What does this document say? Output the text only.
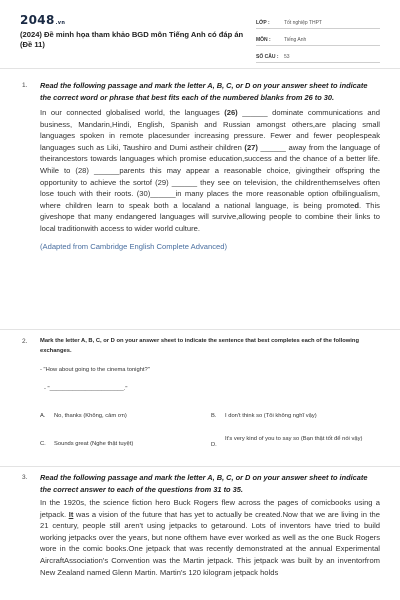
2048.vn
(2024) Đề minh họa tham khảo BGD môn Tiếng Anh có đáp án (Đề 11)
LỚP :	Tốt nghiệp THPT
MÔN :	Tiếng Anh
SỐ CÂU :	53
1. Read the following passage and mark the letter A, B, C, or D on your answer sheet to indicate the correct word or phrase that best fits each of the numbered blanks from 26 to 30.
In our connected globalised world, the languages (26) ______ dominate communications and business, Mandarin,Hindi, English, Spanish and Russian amongst others,are placing small languages spoken in remote placesunder increasing pressure. Fewer and fewer peoplespeak languages such as Liki, Taushiro and Dumi astheir children (27) ______ away from the language of theirancestors towards languages which promise education,success and the chance of a better life. While to (28) ______parents this may appear a reasonable choice, givingtheir offspring the opportunity to achieve the sortof (29) ______ they see on television, the childrenthemselves often lose touch with their roots. (30)______in many places the more reasonable option ofbilingualism, where children learn to speak both a localand a national language, is being promoted. This giveshope that many endangered languages will survive,allowing people to combine their links to local traditionwith access to wider world culture.
(Adapted from Cambridge English Complete Advanced)
2. Mark the letter A, B, C, or D on your answer sheet to indicate the sentence that best completes each of the following exchanges.
- "How about going to the cinema tonight?"
- "_______________________."
A. No, thanks (Không, cảm ơn)	B. I don't think so (Tôi không nghĩ vậy)
C. Sounds great (Nghe thật tuyệt)	D.
It's very kind of you to say so (Bạn thật tốt để nói vậy)
3. Read the following passage and mark the letter A, B, C, or D on your answer sheet to indicate the correct answer to each of the questions from 31 to 35.
In the 1920s, the science fiction hero Buck Rogers flew across the pages of comicbooks using a jetpack. It was a vision of the future that has yet to actually be created.Now that we are living in the 21 century, people still aren't using jetpacks to getaround. Lots of inventors have tried to build working jetpacks over the years, but none ofthem have ever worked as well as the one Buck Rogers wore in the comic books.One jetpack that was recently demonstrated at the annual Experimental AircraftAssociation's Convention was the Martin jetpack. This jetpack was built by an inventorfrom New Zealand named Glenn Martin. Martin's 120 kilogram jetpack holds
